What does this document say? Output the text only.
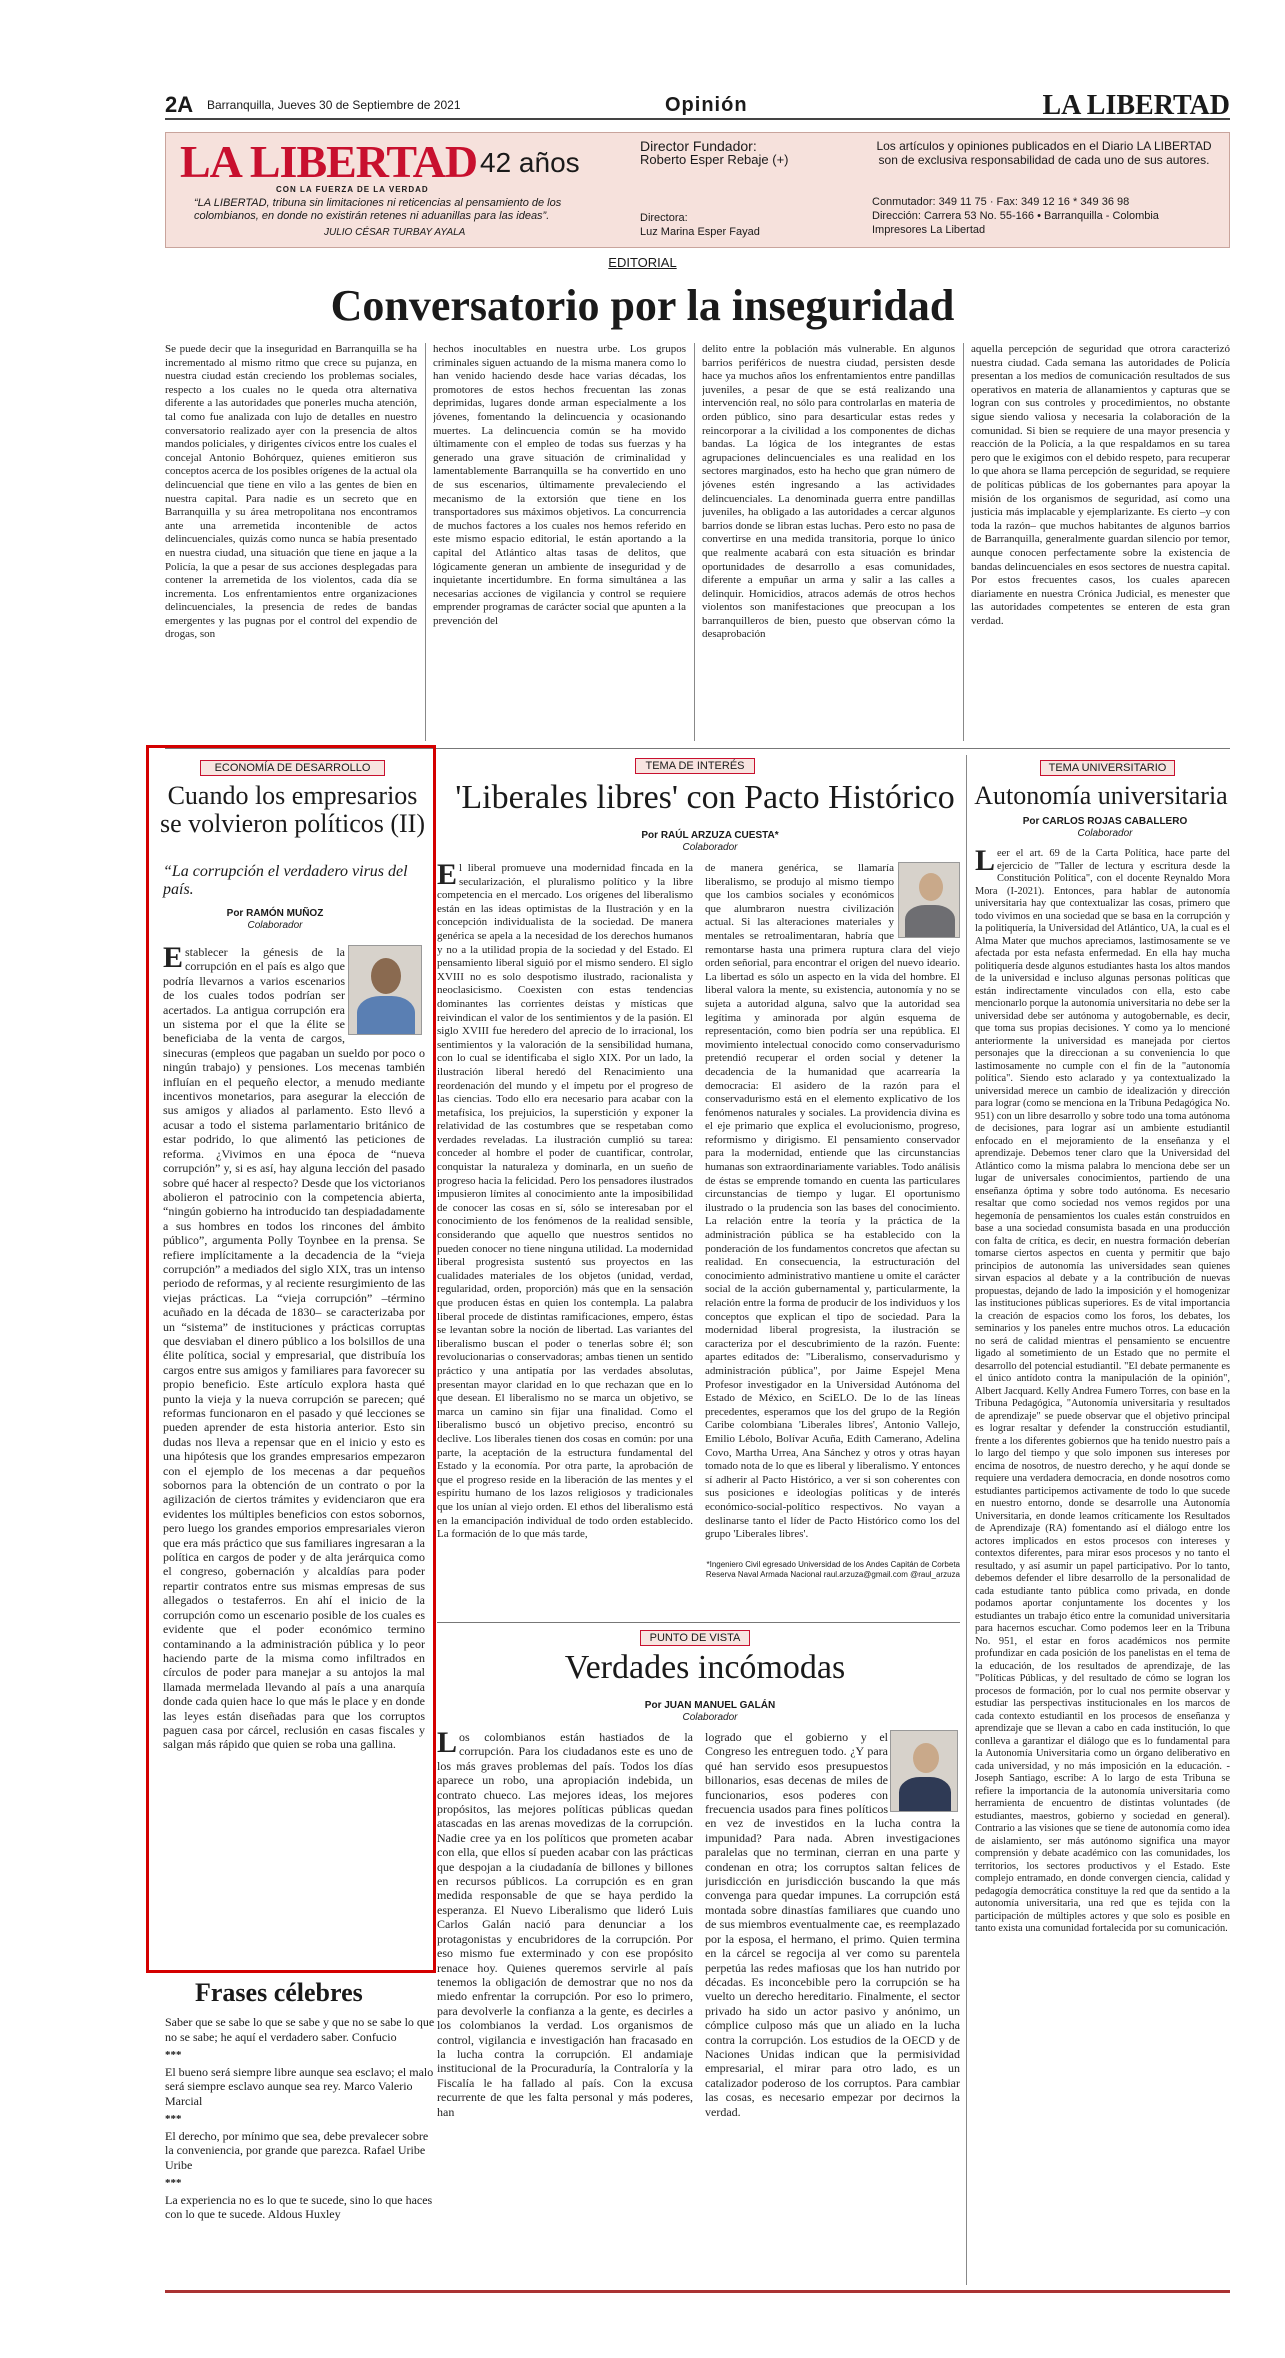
2A Barranquilla, Jueves 30 de Septiembre de 2021	Opinión	LA LIBERTAD
LA LIBERTAD
CON LA FUERZA DE LA VERDAD
42 años
“LA LIBERTAD, tribuna sin limitaciones ni reticencias al pensamiento de los colombianos, en donde no existirán retenes ni aduanillas para las ideas”.
JULIO CÉSAR TURBAY AYALA
Director Fundador:
Roberto Esper Rebaje (+)
Directora:
Luz Marina Esper Fayad
Los artículos y opiniones publicados en el Diario LA LIBERTAD son de exclusiva responsabilidad de cada uno de sus autores.
Conmutador: 349 11 75 · Fax: 349 12 16 * 349 36 98
Dirección: Carrera 53 No. 55-166 • Barranquilla - Colombia
Impresores La Libertad
EDITORIAL
Conversatorio por la inseguridad

Se puede decir que la inseguridad en Barranquilla se ha incrementado al mismo ritmo que crece su pujanza, en nuestra ciudad están creciendo los problemas sociales, respecto a los cuales no le queda otra alternativa diferente a las autoridades que ponerles mucha atención, tal como fue analizada con lujo de detalles en nuestro conversatorio realizado ayer con la presencia de altos mandos policiales, y dirigentes cívicos entre los cuales el concejal Antonio Bohórquez, quienes emitieron sus conceptos acerca de los posibles orígenes de la actual ola delincuencial que tiene en vilo a las gentes de bien en nuestra capital. Para nadie es un secreto que en Barranquilla y su área metropolitana nos encontramos ante una arremetida incontenible de actos delincuenciales, quizás como nunca se había presentado en nuestra ciudad, una situación que tiene en jaque a la Policía, la que a pesar de sus acciones desplegadas para contener la arremetida de los violentos, cada día se incrementa. Los enfrentamientos entre organizaciones delincuenciales, la presencia de redes de bandas emergentes y las pugnas por el control del expendio de drogas, son

hechos inocultables en nuestra urbe. Los grupos criminales siguen actuando de la misma manera como lo han venido haciendo desde hace varias décadas, los promotores de estos hechos frecuentan las zonas deprimidas, lugares donde arman especialmente a los jóvenes, fomentando la delincuencia y ocasionando muertes. La delincuencia común se ha movido últimamente con el empleo de todas sus fuerzas y ha generado una grave situación de criminalidad y lamentablemente Barranquilla se ha convertido en uno de sus escenarios, últimamente prevaleciendo el mecanismo de la extorsión que tiene en los transportadores sus máximos objetivos. La concurrencia de muchos factores a los cuales nos hemos referido en este mismo espacio editorial, le están aportando a la capital del Atlántico altas tasas de delitos, que lógicamente generan un ambiente de inseguridad y de inquietante incertidumbre. En forma simultánea a las necesarias acciones de vigilancia y control se requiere emprender programas de carácter social que apunten a la prevención del

delito entre la población más vulnerable. En algunos barrios periféricos de nuestra ciudad, persisten desde hace ya muchos años los enfrentamientos entre pandillas juveniles, a pesar de que se está realizando una intervención real, no sólo para controlarlas en materia de orden público, sino para desarticular estas redes y reincorporar a la civilidad a los componentes de dichas bandas. La lógica de los integrantes de estas agrupaciones delincuenciales es una realidad en los sectores marginados, esto ha hecho que gran número de jóvenes estén ingresando a las actividades delincuenciales. La denominada guerra entre pandillas juveniles, ha obligado a las autoridades a cercar algunos barrios donde se libran estas luchas. Pero esto no pasa de convertirse en una medida transitoria, porque lo único que realmente acabará con esta situación es brindar oportunidades de desarrollo a esas comunidades, diferente a empuñar un arma y salir a las calles a delinquir. Homicidios, atracos además de otros hechos violentos son manifestaciones que preocupan a los barranquilleros de bien, puesto que observan cómo la desaprobación

aquella percepción de seguridad que otrora caracterizó nuestra ciudad. Cada semana las autoridades de Policía presentan a los medios de comunicación resultados de sus operativos en materia de allanamientos y capturas que se logran con sus controles y procedimientos, no obstante sigue siendo valiosa y necesaria la colaboración de la comunidad. Si bien se requiere de una mayor presencia y reacción de la Policía, a la que respaldamos en su tarea pero que le exigimos con el debido respeto, para recuperar lo que ahora se llama percepción de seguridad, se requiere de políticas públicas de los gobernantes para apoyar la misión de los organismos de seguridad, así como una justicia más implacable y ejemplarizante. Es cierto –y con toda la razón– que muchos habitantes de algunos barrios de Barranquilla, generalmente guardan silencio por temor, aunque conocen perfectamente sobre la existencia de bandas delincuenciales en esos sectores de nuestra capital. Por estos frecuentes casos, los cuales aparecen diariamente en nuestra Crónica Judicial, es menester que las autoridades competentes se enteren de esta gran verdad.

ECONOMÍA DE DESARROLLO
Cuando los empresarios se volvieron políticos (II)
“La corrupción el verdadero virus del país.
Por RAMÓN MUÑOZ
Colaborador
Establecer la génesis de la corrupción en el país es algo que podría llevarnos a varios escenarios de los cuales todos podrían ser acertados. La antigua corrupción era un sistema por el que la élite se beneficiaba de la venta de cargos, sinecuras (empleos que pagaban un sueldo por poco o ningún trabajo) y pensiones. Los mecenas también influían en el pequeño elector, a menudo mediante incentivos monetarios, para asegurar la elección de sus amigos y aliados al parlamento. Esto llevó a acusar a todo el sistema parlamentario británico de estar podrido, lo que alimentó las peticiones de reforma. ¿Vivimos en una época de “nueva corrupción” y, si es así, hay alguna lección del pasado sobre qué hacer al respecto? Desde que los victorianos abolieron el patrocinio con la competencia abierta, “ningún gobierno ha introducido tan despiadadamente a sus hombres en todos los rincones del ámbito público”, argumenta Polly Toynbee en la prensa. Se refiere implícitamente a la decadencia de la “vieja corrupción” a mediados del siglo XIX, tras un intenso periodo de reformas, y al reciente resurgimiento de las viejas prácticas. La “vieja corrupción” –término acuñado en la década de 1830– se caracterizaba por un “sistema” de instituciones y prácticas corruptas que desviaban el dinero público a los bolsillos de una élite política, social y empresarial, que distribuía los cargos entre sus amigos y familiares para favorecer su propio beneficio. Este artículo explora hasta qué punto la vieja y la nueva corrupción se parecen; qué reformas funcionaron en el pasado y qué lecciones se pueden aprender de esta historia anterior. Esto sin dudas nos lleva a repensar que en el inicio y esto es una hipótesis que los grandes empresarios empezaron con el ejemplo de los mecenas a dar pequeños sobornos para la obtención de un contrato o por la agilización de ciertos trámites y evidenciaron que era evidentes los múltiples beneficios con estos sobornos, pero luego los grandes emporios empresariales vieron que era más práctico que sus familiares ingresaran a la política en cargos de poder y de alta jerárquica como el congreso, gobernación y alcaldías para poder repartir contratos entre sus mismas empresas de sus allegados o testaferros. En ahí el inicio de la corrupción como un escenario posible de los cuales es evidente que el poder económico termino contaminando a la administración pública y lo peor haciendo parte de la misma como infiltrados en círculos de poder para manejar a su antojos la mal llamada mermelada llevando al país a una anarquía donde cada quien hace lo que más le place y en donde las leyes están diseñadas para que los corruptos paguen casa por cárcel, reclusión en casas fiscales y salgan más rápido que quien se roba una gallina.
TEMA DE INTERÉS
'Liberales libres' con Pacto Histórico
Por RAÚL ARZUZA CUESTA*
Colaborador
El liberal promueve una modernidad fincada en la secularización, el pluralismo político y la libre competencia en el mercado. Los orígenes del liberalismo están en las ideas optimistas de la Ilustración y en la concepción individualista de la sociedad. De manera genérica se apela a la necesidad de los derechos humanos y no a la utilidad propia de la sociedad y del Estado. El pensamiento liberal siguió por el mismo sendero. El siglo XVIII no es solo despotismo ilustrado, racionalista y neoclasicismo. Coexisten con estas tendencias dominantes las corrientes deístas y místicas que reivindican el valor de los sentimientos y de la pasión. El siglo XVIII fue heredero del aprecio de lo irracional, los sentimientos y la valoración de la sensibilidad humana, con lo cual se identificaba el siglo XIX. Por un lado, la ilustración liberal heredó del Renacimiento una reordenación del mundo y el ímpetu por el progreso de las ciencias. Todo ello era necesario para acabar con la metafísica, los prejuicios, la superstición y exponer la relatividad de las costumbres que se respetaban como verdades reveladas. La ilustración cumplió su tarea: conceder al hombre el poder de cuantificar, controlar, conquistar la naturaleza y dominarla, en un sueño de progreso hacia la felicidad. Pero los pensadores ilustrados impusieron límites al conocimiento ante la imposibilidad de conocer las cosas en sí, sólo se interesaban por el conocimiento de los fenómenos de la realidad sensible, considerando que aquello que nuestros sentidos no pueden conocer no tiene ninguna utilidad. La modernidad liberal progresista sustentó sus proyectos en las cualidades materiales de los objetos (unidad, verdad, regularidad, orden, proporción) más que en la sensación que producen éstas en quien los contempla. La palabra liberal procede de distintas ramificaciones, empero, éstas se levantan sobre la noción de libertad. Las variantes del liberalismo buscan el poder o tenerlas sobre él; son revolucionarias o conservadoras; ambas tienen un sentido práctico y una antipatía por las verdades absolutas, presentan mayor claridad en lo que rechazan que en lo que desean. El liberalismo no se marca un objetivo, se marca un camino sin fijar una finalidad. Como el liberalismo buscó un objetivo preciso, encontró su declive. Los liberales tienen dos cosas en común: por una parte, la aceptación de la estructura fundamental del Estado y la economía. Por otra parte, la aprobación de que el progreso reside en la liberación de las mentes y el espíritu humano de los lazos religiosos y tradicionales que los unían al viejo orden. El ethos del liberalismo está en la emancipación individual de todo orden establecido. La formación de lo que más tarde,
de manera genérica, se llamaría liberalismo, se produjo al mismo tiempo que los cambios sociales y económicos que alumbraron nuestra civilización actual. Si las alteraciones materiales y mentales se retroalimentaran, habría que remontarse hasta una primera ruptura clara del viejo orden señorial, para encontrar el origen del nuevo ideario. La libertad es sólo un aspecto en la vida del hombre. El liberal valora la mente, su existencia, autonomía y no se sujeta a autoridad alguna, salvo que la autoridad sea legítima y aminorada por algún esquema de representación, como bien podría ser una república. El movimiento intelectual conocido como conservadurismo pretendió recuperar el orden social y detener la decadencia de la humanidad que acarrearía la democracia: El asidero de la razón para el conservadurismo está en el elemento explicativo de los fenómenos naturales y sociales. La providencia divina es el eje primario que explica el evolucionismo, progreso, reformismo y dirigismo. El pensamiento conservador para la modernidad, entiende que las circunstancias humanas son extraordinariamente variables. Todo análisis de éstas se emprende tomando en cuenta las particulares circunstancias de tiempo y lugar. El oportunismo ilustrado o la prudencia son las bases del conocimiento. La relación entre la teoría y la práctica de la administración pública se ha establecido con la ponderación de los fundamentos concretos que afectan su realidad. En consecuencia, la estructuración del conocimiento administrativo mantiene u omite el carácter social de la acción gubernamental y, particularmente, la relación entre la forma de producir de los individuos y los conceptos que explican el tipo de sociedad. Para la modernidad liberal progresista, la ilustración se caracteriza por el descubrimiento de la razón. Fuente: apartes editados de: "Liberalismo, conservadurismo y administración pública", por Jaime Espejel Mena Profesor investigador en la Universidad Autónoma del Estado de México, en SciELO. De lo de las líneas precedentes, esperamos que los del grupo de la Región Caribe colombiana 'Liberales libres', Antonio Vallejo, Emilio Lébolo, Bolívar Acuña, Edith Camerano, Adelina Covo, Martha Urrea, Ana Sánchez y otros y otras hayan tomado nota de lo que es liberal y liberalismo. Y entonces sí adherir al Pacto Histórico, a ver si son coherentes con sus posiciones e ideologías políticas y de interés económico-social-político respectivos. No vayan a deslinarse tanto el líder de Pacto Histórico como los del grupo 'Liberales libres'.
*Ingeniero Civil egresado Universidad de los Andes Capitán de Corbeta Reserva Naval Armada Nacional raul.arzuza@gmail.com @raul_arzuza
PUNTO DE VISTA
Verdades incómodas
Por JUAN MANUEL GALÁN
Colaborador
Los colombianos están hastiados de la corrupción. Para los ciudadanos este es uno de los más graves problemas del país. Todos los días aparece un robo, una apropiación indebida, un contrato chueco. Las mejores ideas, los mejores propósitos, las mejores políticas públicas quedan atascadas en las arenas movedizas de la corrupción. Nadie cree ya en los políticos que prometen acabar con ella, que ellos sí pueden acabar con las prácticas que despojan a la ciudadanía de billones y billones en recursos públicos. La corrupción es en gran medida responsable de que se haya perdido la esperanza. El Nuevo Liberalismo que lideró Luis Carlos Galán nació para denunciar a los protagonistas y encubridores de la corrupción. Por eso mismo fue exterminado y con ese propósito renace hoy. Quienes queremos servirle al país tenemos la obligación de demostrar que no nos da miedo enfrentar la corrupción. Por eso lo primero, para devolverle la confianza a la gente, es decirles a los colombianos la verdad. Los organismos de control, vigilancia e investigación han fracasado en la lucha contra la corrupción. El andamiaje institucional de la Procuraduría, la Contraloría y la Fiscalía le ha fallado al país. Con la excusa recurrente de que les falta personal y más poderes, han
logrado que el gobierno y el Congreso les entreguen todo. ¿Y para qué han servido esos presupuestos billonarios, esas decenas de miles de funcionarios, esos poderes con frecuencia usados para fines políticos en vez de investidos en la lucha contra la impunidad? Para nada. Abren investigaciones paralelas que no terminan, cierran en una parte y condenan en otra; los corruptos saltan felices de jurisdicción en jurisdicción buscando la que más convenga para quedar impunes. La corrupción está montada sobre dinastías familiares que cuando uno de sus miembros eventualmente cae, es reemplazado por la esposa, el hermano, el primo. Quien termina en la cárcel se regocija al ver como su parentela perpetúa las redes mafiosas que los han nutrido por décadas. Es inconcebible pero la corrupción se ha vuelto un derecho hereditario. Finalmente, el sector privado ha sido un actor pasivo y anónimo, un cómplice culposo más que un aliado en la lucha contra la corrupción. Los estudios de la OECD y de Naciones Unidas indican que la permisividad empresarial, el mirar para otro lado, es un catalizador poderoso de los corruptos. Para cambiar las cosas, es necesario empezar por decirnos la verdad.
TEMA UNIVERSITARIO
Autonomía universitaria
Por CARLOS ROJAS CABALLERO
Colaborador
Leer el art. 69 de la Carta Política, hace parte del ejercicio de "Taller de lectura y escritura desde la Constitución Política", con el docente Reynaldo Mora Mora (I-2021). Entonces, para hablar de autonomía universitaria hay que contextualizar las cosas, primero que todo vivimos en una sociedad que se basa en la corrupción y la politiquería, la Universidad del Atlántico, UA, la cual es el Alma Mater que muchos apreciamos, lastimosamente se ve afectada por esta nefasta enfermedad. En ella hay mucha politiquería desde algunos estudiantes hasta los altos mandos de la universidad e incluso algunas personas políticas que están indirectamente vinculados con ella, esto cabe mencionarlo porque la autonomía universitaria no debe ser la universidad debe ser autónoma y autogobernable, es decir, que toma sus propias decisiones. Y como ya lo mencioné anteriormente la universidad es manejada por ciertos personajes que la direccionan a su conveniencia lo que lastimosamente no cumple con el fin de la "autonomía política". Siendo esto aclarado y ya contextualizado la universidad merece un cambio de idealización y dirección para lograr (como se menciona en la Tribuna Pedagógica No. 951) con un libre desarrollo y sobre todo una toma autónoma de decisiones, para lograr así un ambiente estudiantil enfocado en el mejoramiento de la enseñanza y el aprendizaje. Debemos tener claro que la Universidad del Atlántico como la misma palabra lo menciona debe ser un lugar de universales conocimientos, partiendo de una enseñanza óptima y sobre todo autónoma. Es necesario resaltar que como sociedad nos vemos regidos por una hegemonía de pensamientos los cuales están construidos en base a una sociedad consumista basada en una producción con falta de crítica, es decir, en nuestra formación deberían tomarse ciertos aspectos en cuenta y permitir que bajo principios de autonomía las universidades sean quienes sirvan espacios al debate y a la contribución de nuevas propuestas, dejando de lado la imposición y el homogenizar las instituciones públicas superiores. Es de vital importancia la creación de espacios como los foros, los debates, los seminarios y los paneles entre muchos otros. La educación no será de calidad mientras el pensamiento se encuentre ligado al sometimiento de un Estado que no permite el desarrollo del potencial estudiantil. "El debate permanente es el único antídoto contra la manipulación de la opinión", Albert Jacquard. Kelly Andrea Fumero Torres, con base en la Tribuna Pedagógica, "Autonomía universitaria y resultados de aprendizaje" se puede observar que el objetivo principal es lograr resaltar y defender la construcción estudiantil, frente a los diferentes gobiernos que ha tenido nuestro país a lo largo del tiempo y que solo imponen sus intereses por encima de nosotros, de nuestro derecho, y he aquí donde se requiere una verdadera democracia, en donde nosotros como estudiantes participemos activamente de todo lo que sucede en nuestro entorno, donde se desarrolle una Autonomía Universitaria, en donde leamos críticamente los Resultados de Aprendizaje (RA) fomentando así el diálogo entre los actores implicados en estos procesos con intereses y contextos diferentes, para mirar esos procesos y no tanto el resultado, y así asumir un papel participativo. Por lo tanto, debemos defender el libre desarrollo de la personalidad de cada estudiante tanto pública como privada, en donde podamos aportar conjuntamente los docentes y los estudiantes un trabajo ético entre la comunidad universitaria para hacernos escuchar. Como podemos leer en la Tribuna No. 951, el estar en foros académicos nos permite profundizar en cada posición de los panelistas en el tema de la educación, de los resultados de aprendizaje, de las "Políticas Públicas, y del resultado de cómo se logran los procesos de formación, por lo cual nos permite observar y estudiar las perspectivas institucionales en los marcos de cada contexto estudiantil en los procesos de enseñanza y aprendizaje que se llevan a cabo en cada institución, lo que conlleva a garantizar el diálogo que es lo fundamental para la Autonomía Universitaria como un órgano deliberativo en cada universidad, y no más imposición en la educación. -Joseph Santiago, escribe: A lo largo de esta Tribuna se refiere la importancia de la autonomía universitaria como herramienta de encuentro de distintas voluntades (de estudiantes, maestros, gobierno y sociedad en general). Contrario a las visiones que se tiene de autonomía como idea de aislamiento, ser más autónomo significa una mayor comprensión y debate académico con las comunidades, los territorios, los sectores productivos y el Estado. Este complejo entramado, en donde convergen ciencia, calidad y pedagogía democrática constituye la red que da sentido a la autonomía universitaria, una red que es tejida con la participación de múltiples actores y que solo es posible en tanto exista una comunidad fortalecida por su comunicación.
Frases célebres

Saber que se sabe lo que se sabe y que no se sabe lo que no se sabe; he aquí el verdadero saber. Confucio

***

El bueno será siempre libre aunque sea esclavo; el malo será siempre esclavo aunque sea rey. Marco Valerio Marcial

***

El derecho, por mínimo que sea, debe prevalecer sobre la conveniencia, por grande que parezca. Rafael Uribe Uribe

***

La experiencia no es lo que te sucede, sino lo que haces con lo que te sucede. Aldous Huxley
